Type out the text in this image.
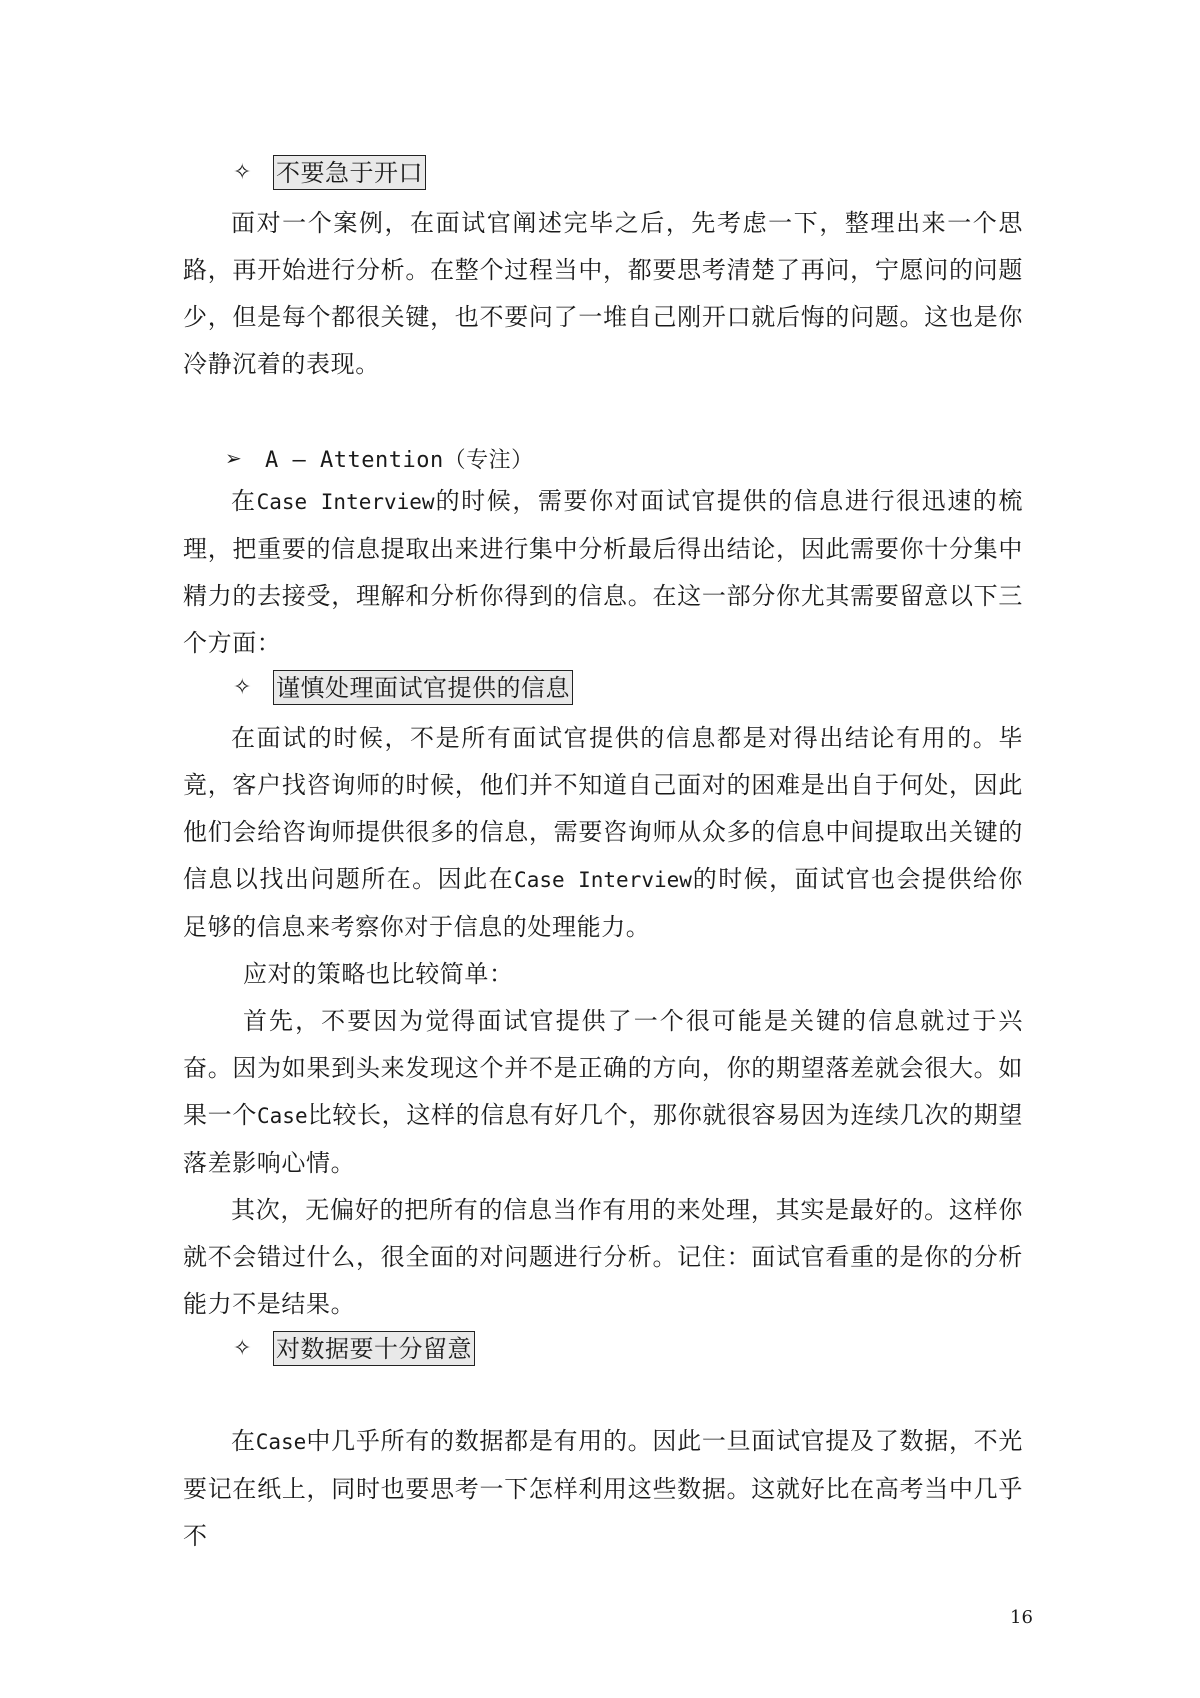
✧	不要急于开口

面对一个案例，在面试官阐述完毕之后，先考虑一下，整理出来一个思路，再开始进行分析。在整个过程当中，都要思考清楚了再问，宁愿问的问题少，但是每个都很关键，也不要问了一堆自己刚开口就后悔的问题。这也是你冷静沉着的表现。

➢	A – Attention（专注）

在Case Interview的时候，需要你对面试官提供的信息进行很迅速的梳理，把重要的信息提取出来进行集中分析最后得出结论，因此需要你十分集中精力的去接受，理解和分析你得到的信息。在这一部分你尤其需要留意以下三个方面：

✧	谨慎处理面试官提供的信息

在面试的时候，不是所有面试官提供的信息都是对得出结论有用的。毕竟，客户找咨询师的时候，他们并不知道自己面对的困难是出自于何处，因此他们会给咨询师提供很多的信息，需要咨询师从众多的信息中间提取出关键的信息以找出问题所在。因此在Case Interview的时候，面试官也会提供给你足够的信息来考察你对于信息的处理能力。

应对的策略也比较简单：

首先，不要因为觉得面试官提供了一个很可能是关键的信息就过于兴奋。因为如果到头来发现这个并不是正确的方向，你的期望落差就会很大。如果一个Case比较长，这样的信息有好几个，那你就很容易因为连续几次的期望落差影响心情。

其次，无偏好的把所有的信息当作有用的来处理，其实是最好的。这样你就不会错过什么，很全面的对问题进行分析。记住：面试官看重的是你的分析能力不是结果。

✧	对数据要十分留意

在Case中几乎所有的数据都是有用的。因此一旦面试官提及了数据，不光要记在纸上，同时也要思考一下怎样利用这些数据。这就好比在高考当中几乎不

16
